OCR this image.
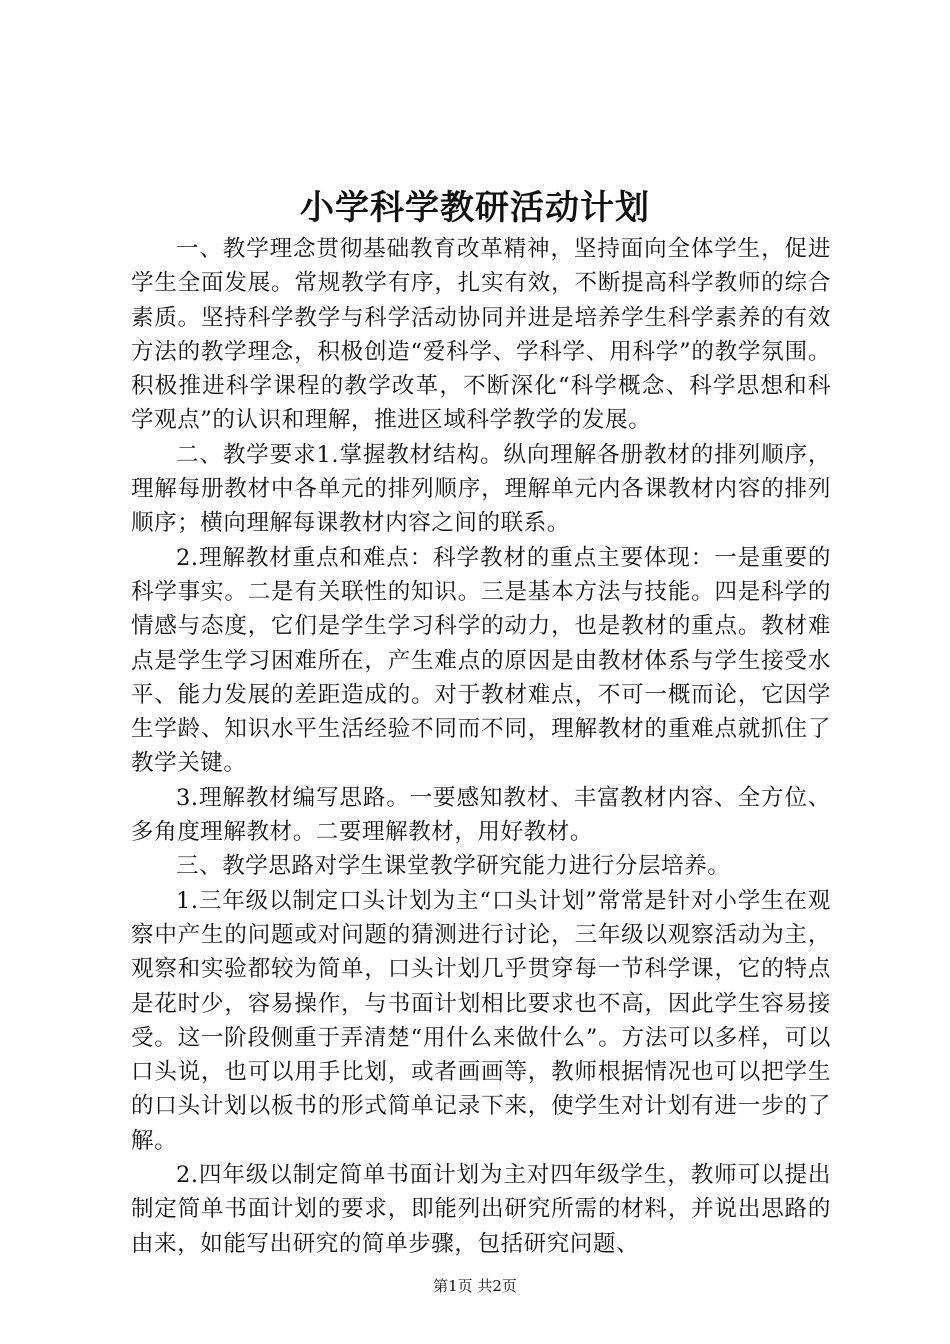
小学科学教研活动计划

一、教学理念贯彻基础教育改革精神，坚持面向全体学生，促进学生全面发展。常规教学有序，扎实有效，不断提高科学教师的综合素质。坚持科学教学与科学活动协同并进是培养学生科学素养的有效方法的教学理念，积极创造“爱科学、学科学、用科学”的教学氛围。积极推进科学课程的教学改革，不断深化“科学概念、科学思想和科学观点”的认识和理解，推进区域科学教学的发展。

二、教学要求1.掌握教材结构。纵向理解各册教材的排列顺序，理解每册教材中各单元的排列顺序，理解单元内各课教材内容的排列顺序；横向理解每课教材内容之间的联系。

2.理解教材重点和难点：科学教材的重点主要体现：一是重要的科学事实。二是有关联性的知识。三是基本方法与技能。四是科学的情感与态度，它们是学生学习科学的动力，也是教材的重点。教材难点是学生学习困难所在，产生难点的原因是由教材体系与学生接受水平、能力发展的差距造成的。对于教材难点，不可一概而论，它因学生学龄、知识水平生活经验不同而不同，理解教材的重难点就抓住了教学关键。

3.理解教材编写思路。一要感知教材、丰富教材内容、全方位、多角度理解教材。二要理解教材，用好教材。

三、教学思路对学生课堂教学研究能力进行分层培养。

1.三年级以制定口头计划为主“口头计划”常常是针对小学生在观察中产生的问题或对问题的猜测进行讨论，三年级以观察活动为主，观察和实验都较为简单，口头计划几乎贯穿每一节科学课，它的特点是花时少，容易操作，与书面计划相比要求也不高，因此学生容易接受。这一阶段侧重于弄清楚“用什么来做什么”。方法可以多样，可以口头说，也可以用手比划，或者画画等，教师根据情况也可以把学生的口头计划以板书的形式简单记录下来，使学生对计划有进一步的了解。

2.四年级以制定简单书面计划为主对四年级学生，教师可以提出制定简单书面计划的要求，即能列出研究所需的材料，并说出思路的由来，如能写出研究的简单步骤，包括研究问题、

第1页 共2页
